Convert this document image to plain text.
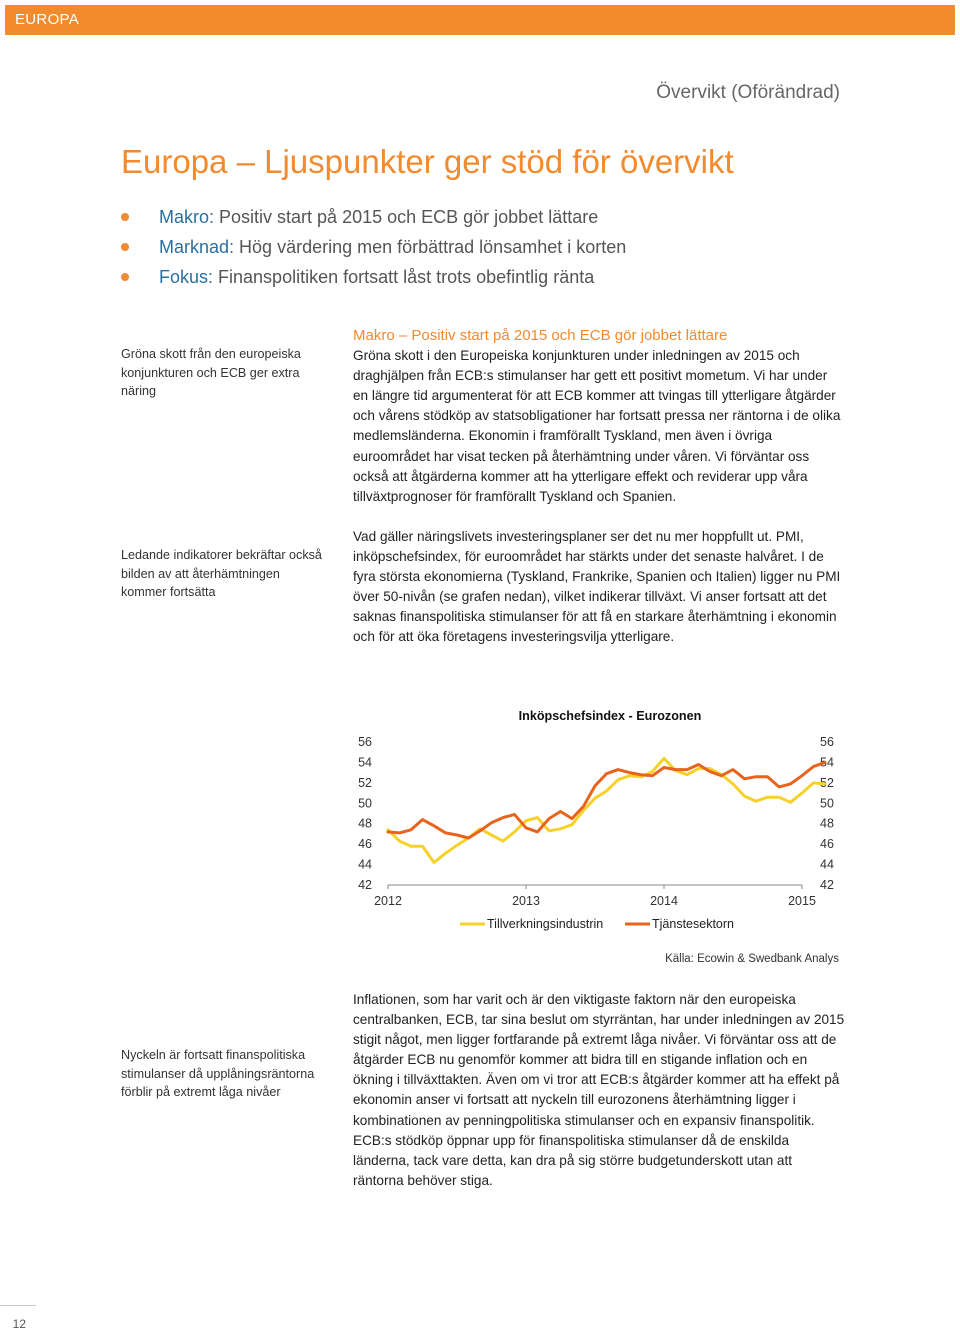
EUROPA
Övervikt (Oförändrad)
Europa – Ljuspunkter ger stöd för övervikt
Makro: Positiv start på 2015 och ECB gör jobbet lättare
Marknad: Hög värdering men förbättrad lönsamhet i korten
Fokus: Finanspolitiken fortsatt låst trots obefintlig ränta
Gröna skott från den europeiska konjunkturen och ECB ger extra näring
Ledande indikatorer bekräftar också bilden av att återhämtningen kommer fortsätta
Nyckeln är fortsatt finanspolitiska stimulanser då upplåningsräntorna förblir på extremt låga nivåer
Makro – Positiv start på 2015 och ECB gör jobbet lättare

Gröna skott i den Europeiska konjunkturen under inledningen av 2015 och draghjälpen från ECB:s stimulanser har gett ett positivt mometum. Vi har under en längre tid argumenterat för att ECB kommer att tvingas till ytterligare åtgärder och vårens stödköp av statsobligationer har fortsatt pressa ner räntorna i de olika medlemsländerna. Ekonomin i framförallt Tyskland, men även i övriga euroområdet har visat tecken på återhämtning under våren. Vi förväntar oss också att åtgärderna kommer att ha ytterligare effekt och reviderar upp våra tillväxtprognoser för framförallt Tyskland och Spanien.

Vad gäller näringslivets investeringsplaner ser det nu mer hoppfullt ut. PMI, inköpschefsindex, för euroområdet har stärkts under det senaste halvåret. I de fyra största ekonomierna (Tyskland, Frankrike, Spanien och Italien) ligger nu PMI över 50-nivån (se grafen nedan), vilket indikerar tillväxt. Vi anser fortsatt att det saknas finanspolitiska stimulanser för att få en starkare återhämtning i ekonomin och för att öka företagens investeringsvilja ytterligare.

Inköpschefsindex - Eurozonen
42	42
44	44
46	46
48	48
50	50
52	52
54	54
56	56
2012	2013	2014	2015
Tillverkningsindustrin	Tjänstesektorn
Källa: Ecowin & Swedbank Analys

Inflationen, som har varit och är den viktigaste faktorn när den europeiska centralbanken, ECB, tar sina beslut om styrräntan, har under inledningen av 2015 stigit något, men ligger fortfarande på extremt låga nivåer. Vi förväntar oss att de åtgärder ECB nu genomför kommer att bidra till en stigande inflation och en ökning i tillväxttakten. Även om vi tror att ECB:s åtgärder kommer att ha effekt på ekonomin anser vi fortsatt att nyckeln till eurozonens återhämtning ligger i kombinationen av penningpolitiska stimulanser och en expansiv finanspolitik. ECB:s stödköp öppnar upp för finanspolitiska stimulanser då de enskilda länderna, tack vare detta, kan dra på sig större budgetunderskott utan att räntorna behöver stiga.

12
